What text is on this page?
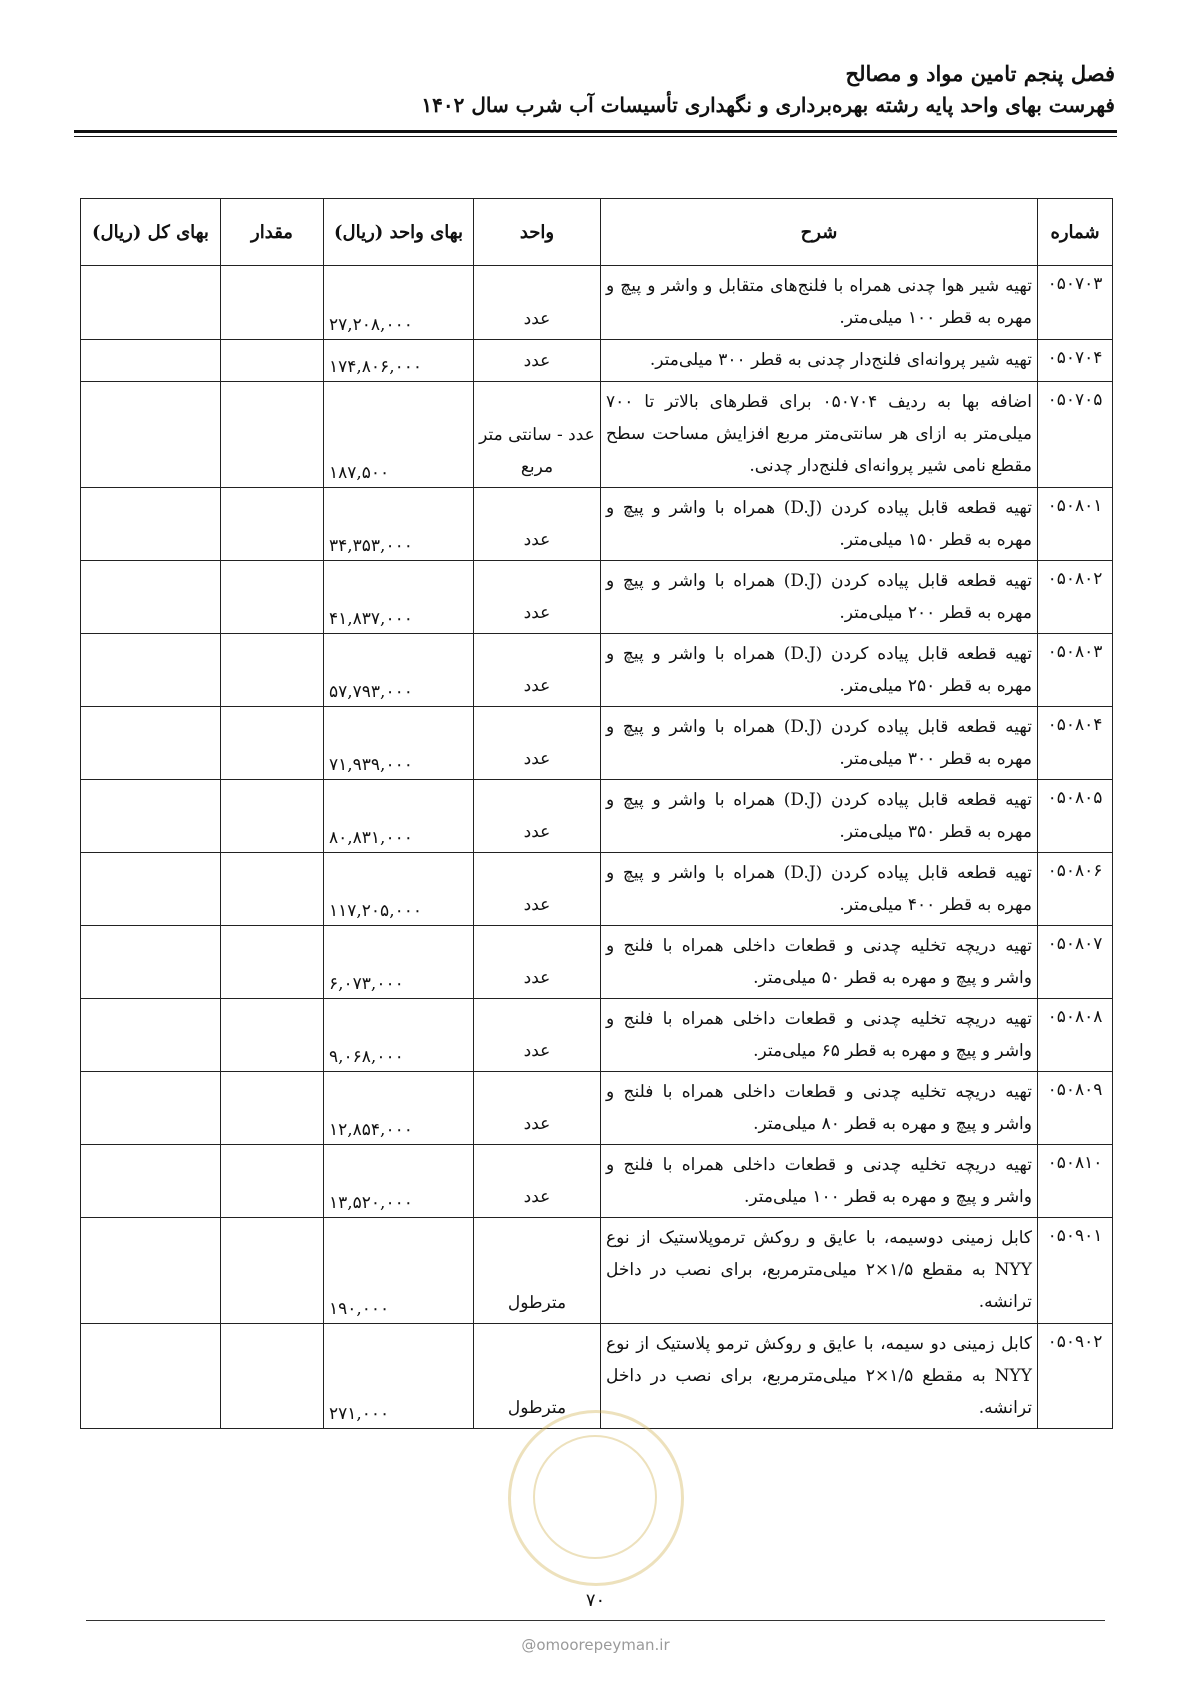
فصل پنجم تامین مواد و مصالح
فهرست بهای واحد پایه رشته بهره‌برداری و نگهداری تأسیسات آب شرب سال ۱۴۰۲
شماره	شرح	واحد	بهای واحد (ریال)	مقدار	بهای کل (ریال)
۰۵۰۷۰۳	تهیه شیر هوا چدنی همراه با فلنج‌های متقابل و واشر و پیچ و مهره به قطر ۱۰۰ میلی‌متر.	عدد	۲۷,۲۰۸,۰۰۰		
۰۵۰۷۰۴	تهیه شیر پروانه‌ای فلنج‌دار چدنی به قطر ۳۰۰ میلی‌متر.	عدد	۱۷۴,۸۰۶,۰۰۰		
۰۵۰۷۰۵	اضافه بها به ردیف ۰۵۰۷۰۴ برای قطرهای بالاتر تا ۷۰۰ میلی‌متر به ازای هر سانتی‌متر مربع افزایش مساحت سطح مقطع نامی شیر پروانه‌ای فلنج‌دار چدنی.	عدد - سانتی متر مربع	۱۸۷,۵۰۰		
۰۵۰۸۰۱	تهیه قطعه قابل پیاده کردن (D.J) همراه با واشر و پیچ و مهره به قطر ۱۵۰ میلی‌متر.	عدد	۳۴,۳۵۳,۰۰۰		
۰۵۰۸۰۲	تهیه قطعه قابل پیاده کردن (D.J) همراه با واشر و پیچ و مهره به قطر ۲۰۰ میلی‌متر.	عدد	۴۱,۸۳۷,۰۰۰		
۰۵۰۸۰۳	تهیه قطعه قابل پیاده کردن (D.J) همراه با واشر و پیچ و مهره به قطر ۲۵۰ میلی‌متر.	عدد	۵۷,۷۹۳,۰۰۰		
۰۵۰۸۰۴	تهیه قطعه قابل پیاده کردن (D.J) همراه با واشر و پیچ و مهره به قطر ۳۰۰ میلی‌متر.	عدد	۷۱,۹۳۹,۰۰۰		
۰۵۰۸۰۵	تهیه قطعه قابل پیاده کردن (D.J) همراه با واشر و پیچ و مهره به قطر ۳۵۰ میلی‌متر.	عدد	۸۰,۸۳۱,۰۰۰		
۰۵۰۸۰۶	تهیه قطعه قابل پیاده کردن (D.J) همراه با واشر و پیچ و مهره به قطر ۴۰۰ میلی‌متر.	عدد	۱۱۷,۲۰۵,۰۰۰		
۰۵۰۸۰۷	تهیه دریچه تخلیه چدنی و قطعات داخلی همراه با فلنج و واشر و پیچ و مهره به قطر ۵۰ میلی‌متر.	عدد	۶,۰۷۳,۰۰۰		
۰۵۰۸۰۸	تهیه دریچه تخلیه چدنی و قطعات داخلی همراه با فلنج و واشر و پیچ و مهره به قطر ۶۵ میلی‌متر.	عدد	۹,۰۶۸,۰۰۰		
۰۵۰۸۰۹	تهیه دریچه تخلیه چدنی و قطعات داخلی همراه با فلنج و واشر و پیچ و مهره به قطر ۸۰ میلی‌متر.	عدد	۱۲,۸۵۴,۰۰۰		
۰۵۰۸۱۰	تهیه دریچه تخلیه چدنی و قطعات داخلی همراه با فلنج و واشر و پیچ و مهره به قطر ۱۰۰ میلی‌متر.	عدد	۱۳,۵۲۰,۰۰۰		
۰۵۰۹۰۱	کابل زمینی دوسیمه، با عایق و روکش ترموپلاستیک از نوع NYY به مقطع ۱/۵×۲ میلی‌مترمربع، برای نصب در داخل ترانشه.	مترطول	۱۹۰,۰۰۰		
۰۵۰۹۰۲	کابل زمینی دو سیمه، با عایق و روکش ترمو پلاستیک از نوع NYY به مقطع ۱/۵×۲ میلی‌مترمربع، برای نصب در داخل ترانشه.	مترطول	۲۷۱,۰۰۰		
۷۰
@omoorepeyman.ir
